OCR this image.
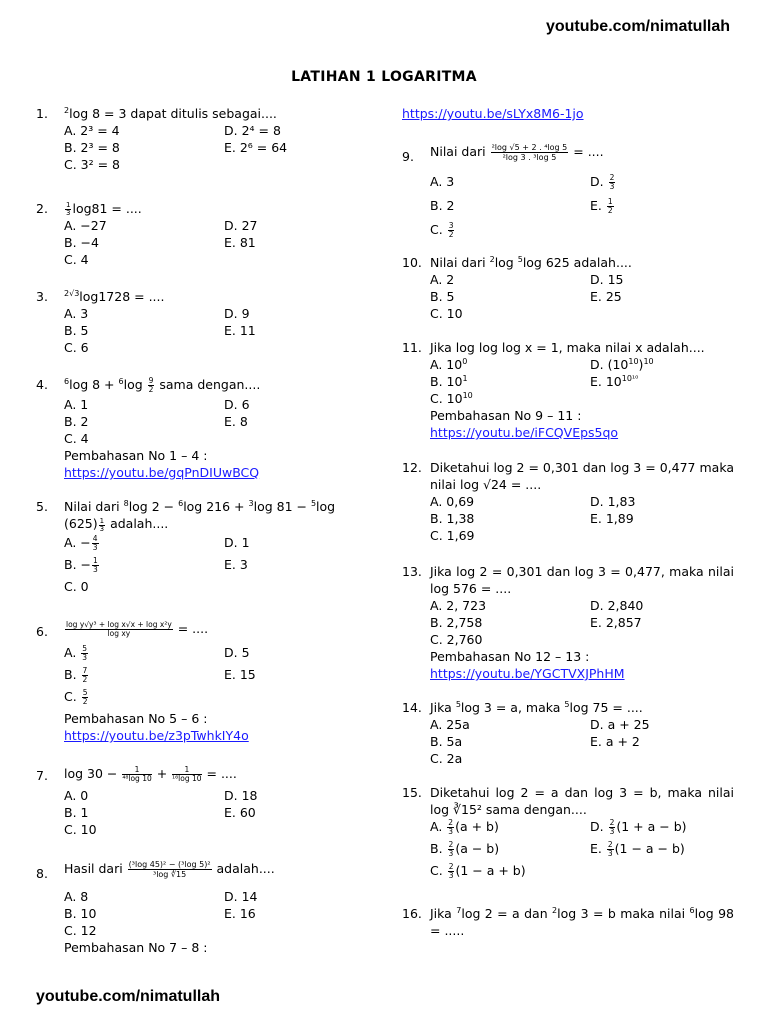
youtube.com/nimatullah
LATIHAN 1 LOGARITMA
1. $^2$log 8 = 3 dapat ditulis sebagai....
A. 2³ = 4	D. 2⁴ = 8
B. 2³ = 8	E. 2⁶ = 64
C. 3² = 8
2. $\frac{1}{3} \log 81$ = ....
A. −27	D. 27
B. −4	E. 81
C. 4
3. $^{2√3}$log1728 = ....
A. 3	D. 9
B. 5	E. 11
C. 6
4. $^6$log $8 + ^6\log \frac{9}{2}$ sama dengan....
A. 1	D. 6
B. 2	E. 8
C. 4
Pembahasan No 1 – 4 :
https://youtu.be/gqPnDIUwBCQ
5. Nilai dari $^8$log 2 − $^6$log 216 + $^3$log 81 − $^5$log
$(625) \frac{1}{3}$ adalah....
A. − $\frac{4}{3}$	D. 1
B. − $\frac{1}{3}$	E. 3
C. 0
6. $\frac{\text{log y√y³ + log x√x + log x²y}}{\text{log xy}}$ = ....
A. $\frac{5}{3}$	D. 5
B. $\frac{7}{2}$	E. 15
C. $\frac{5}{2}$
Pembahasan No 5 – 6 :
https://youtu.be/z3pTwhkIY4o
7. $\log 30 - \frac{1}{\text{⁴⁸log 10}} + \frac{1}{\text{¹⁶log 10}}$ = ....
A. 0	D. 18
B. 1	E. 60
C. 10
8. Hasil dari $\frac{\text{(³log 45)² − (³log 5)²}}{\text{³log ∛15}}$ adalah....
A. 8	D. 14
B. 10	E. 16
C. 12
Pembahasan No 7 – 8 :
https://youtu.be/sLYx8M6-1jo
9. Nilai dari $\frac{\text{²log √5 + 2 . ⁴log 5}}{\text{²log 3 . ³log 5}}$ = ....
A. 3	D. $\frac{2}{3}$
B. 2	E. $\frac{1}{2}$
C. $\frac{3}{2}$
10. Nilai dari $^2$log $^5$log 625 adalah....
A. 2	D. 15
B. 5	E. 25
C. 10
11. Jika log log log x = 1, maka nilai x adalah....
A. $10^0$	D. $(10^{10})^{10}$
B. $10^1$	E. $10^{10^{10}}$
C. $10^{10}$
Pembahasan No 9 – 11 :
https://youtu.be/iFCQVEps5qo
12. Diketahui log 2 = 0,301 dan log 3 = 0,477 maka nilai log √24 = ....
A. 0,69	D. 1,83
B. 1,38	E. 1,89
C. 1,69
13. Jika log 2 = 0,301 dan log 3 = 0,477, maka nilai log 576 = ....
A. 2, 723	D. 2,840
B. 2,758	E. 2,857
C. 2,760
Pembahasan No 12 – 13 :
https://youtu.be/YGCTVXJPhHM
14. Jika $^5$log 3 = a, maka $^5$log 75 = ....
A. 25a	D. a + 25
B. 5a	E. a + 2
C. 2a
15. Diketahui log 2 = a dan log 3 = b, maka nilai log ∛15² sama dengan....
A. $\frac{2}{3} (a + b)$	D. $\frac{2}{3} (1 + a - b)$
B. $\frac{2}{3} (a - b)$	E. $\frac{2}{3} (1 - a - b)$
C. $\frac{2}{3} (1 - a + b)$
16. Jika $^7$log 2 = a dan $^2$log 3 = b maka nilai $^6$log 98 = .....
youtube.com/nimatullah
